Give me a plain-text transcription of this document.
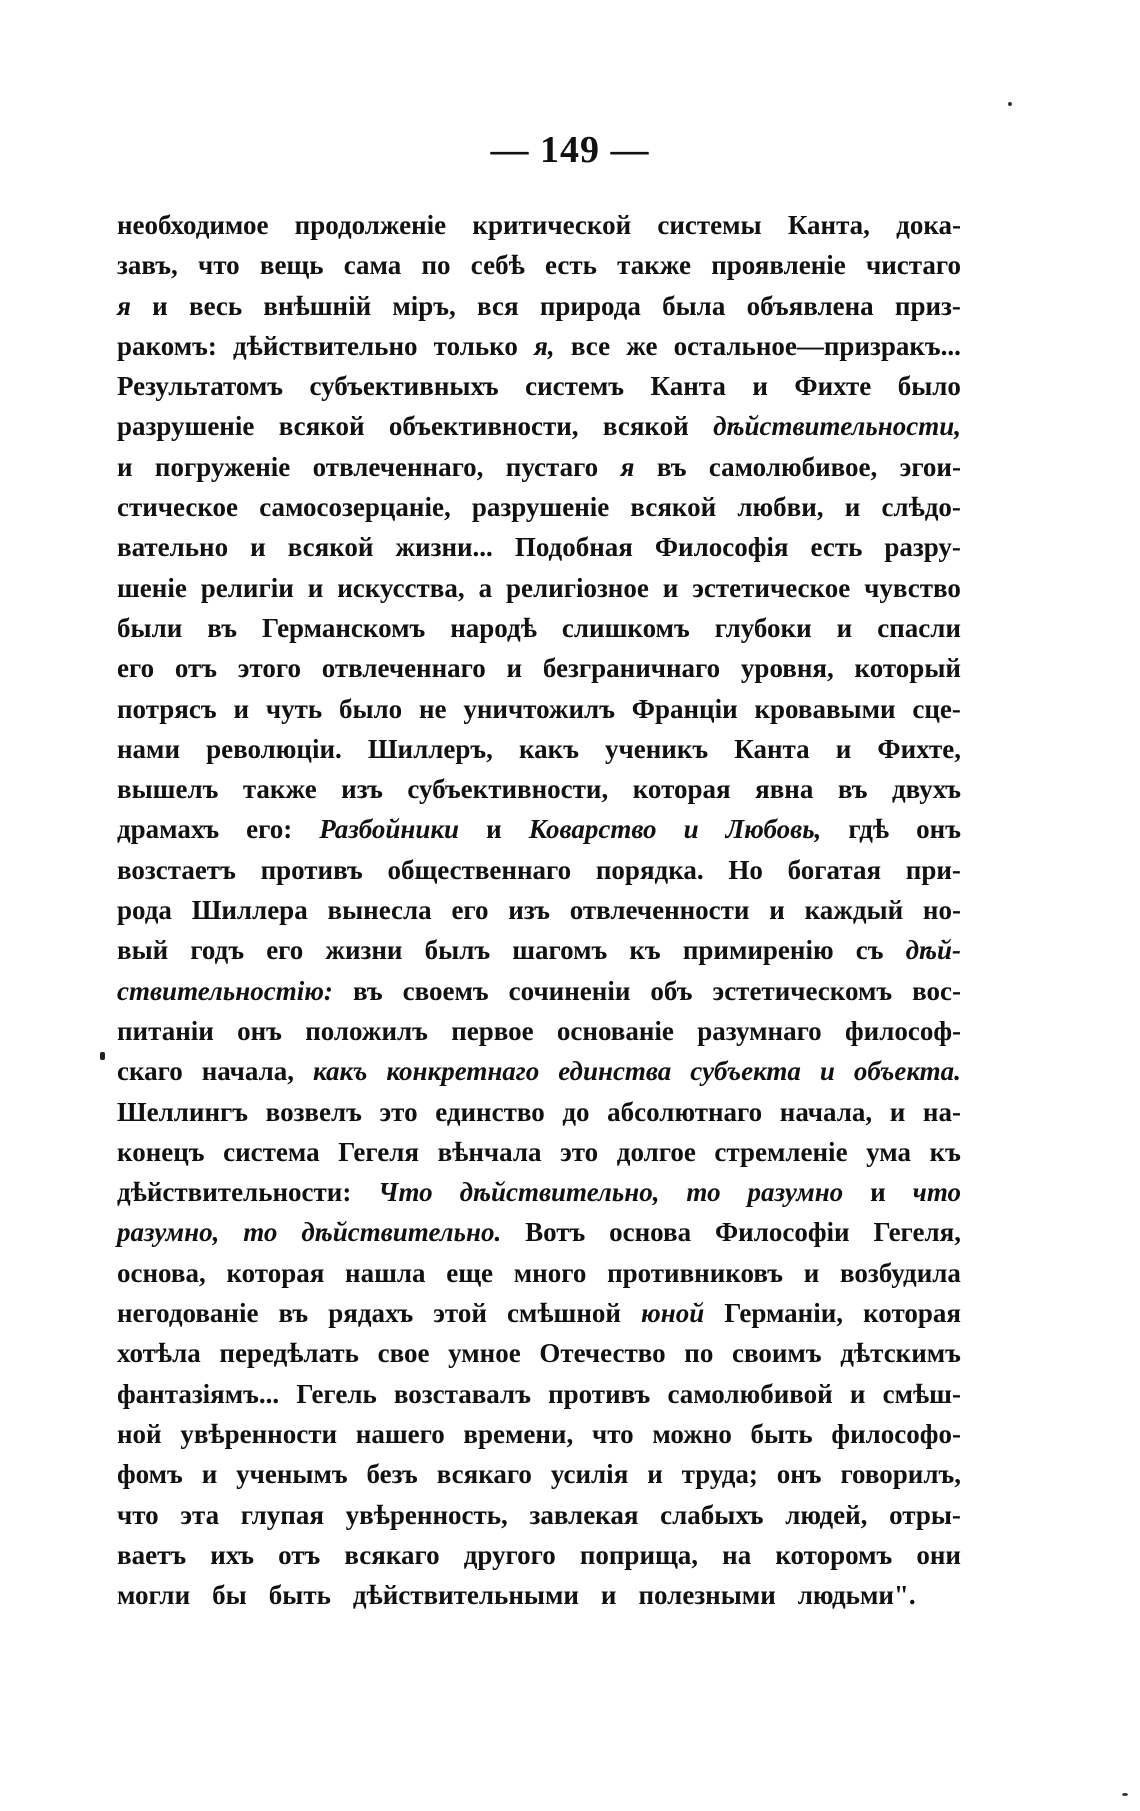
— 149 —
необходимое продолженіе критической системы Канта, дока-
завъ, что вещь сама по себѣ есть также проявленіе чистаго
я и весь внѣшній міръ, вся природа была объявлена приз-
ракомъ: дѣйствительно только я, все же остальное—призракъ...
Результатомъ субъективныхъ системъ Канта и Фихте было
разрушеніе всякой объективности, всякой дѣйствительности,
и погруженіе отвлеченнаго, пустаго я въ самолюбивое, эгои-
стическое самосозерцаніе, разрушеніе всякой любви, и слѣдо-
вательно и всякой жизни... Подобная Философія есть разру-
шеніе религіи и искусства, а религіозное и эстетическое чувство
были въ Германскомъ народѣ слишкомъ глубоки и спасли
его отъ этого отвлеченнаго и безграничнаго уровня, который
потрясъ и чуть было не уничтожилъ Франціи кровавыми сце-
нами революціи. Шиллеръ, какъ ученикъ Канта и Фихте,
вышелъ также изъ субъективности, которая явна въ двухъ
драмахъ его: Разбойники и Коварство и Любовь, гдѣ онъ
возстаетъ противъ общественнаго порядка. Но богатая при-
рода Шиллера вынесла его изъ отвлеченности и каждый но-
вый годъ его жизни былъ шагомъ къ примиренію съ дѣй-
ствительностію: въ своемъ сочиненіи объ эстетическомъ вос-
питаніи онъ положилъ первое основаніе разумнаго философ-
скаго начала, какъ конкретнаго единства субъекта и объекта.
Шеллингъ возвелъ это единство до абсолютнаго начала, и на-
конецъ система Гегеля вѣнчала это долгое стремленіе ума къ
дѣйствительности: Что дѣйствительно, то разумно и что
разумно, то дѣйствительно. Вотъ основа Философіи Гегеля,
основа, которая нашла еще много противниковъ и возбудила
негодованіе въ рядахъ этой смѣшной юной Германіи, которая
хотѣла передѣлать свое умное Отечество по своимъ дѣтскимъ
фантазіямъ... Гегель возставалъ противъ самолюбивой и смѣш-
ной увѣренности нашего времени, что можно быть философо-
фомъ и ученымъ безъ всякаго усилія и труда; онъ говорилъ,
что эта глупая увѣренность, завлекая слабыхъ людей, отры-
ваетъ ихъ отъ всякаго другого поприща, на которомъ они
могли бы быть дѣйствительными и полезными людьми".
